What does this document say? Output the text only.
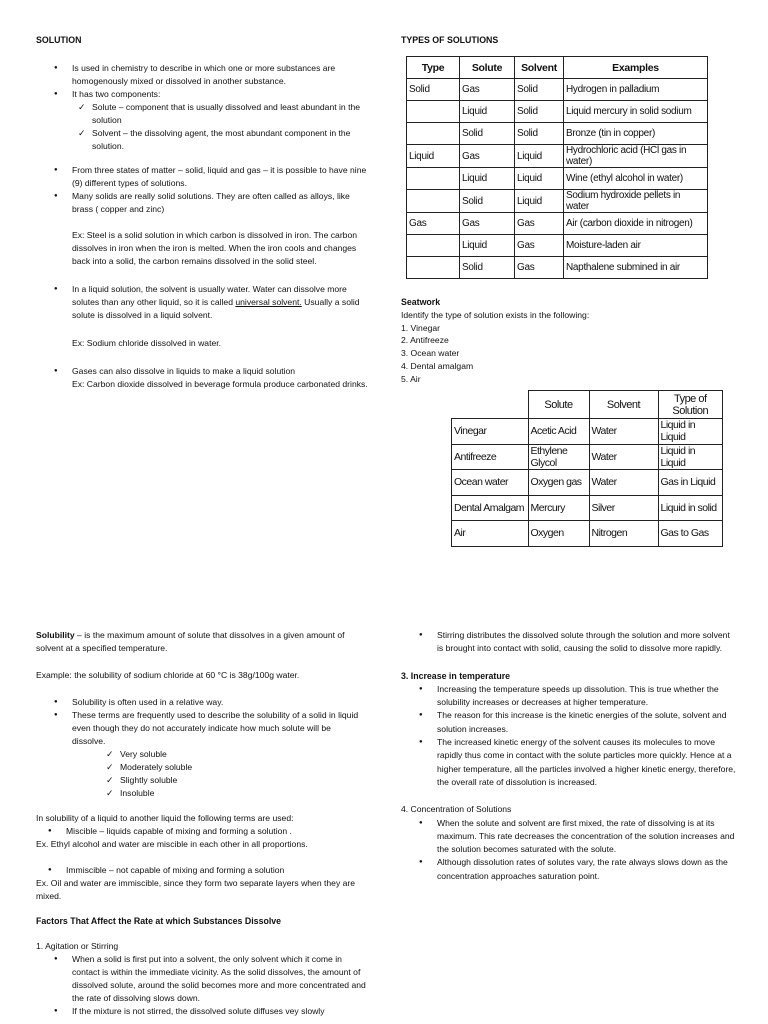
SOLUTION

● Is used in chemistry to describe in which one or more substances are homogenously mixed or dissolved in another substance.
● It has two components:
✓ Solute – component that is usually dissolved and least abundant in the solution
✓ Solvent – the dissolving agent, the most abundant component in the solution.
● From three states of matter – solid, liquid and gas – it is possible to have nine (9) different types of solutions.
● Many solids are really solid solutions. They are often called as alloys, like brass ( copper and zinc)

Ex: Steel is a solid solution in which carbon is dissolved in iron. The carbon dissolves in iron when the iron is melted. When the iron cools and changes back into a solid, the carbon remains dissolved in the solid steel.

● In a liquid solution, the solvent is usually water. Water can dissolve more solutes than any other liquid, so it is called universal solvent. Usually a solid solute is dissolved in a liquid solvent.

Ex: Sodium chloride dissolved in water.

● Gases can also dissolve in liquids to make a liquid solution
Ex: Carbon dioxide dissolved in beverage formula produce carbonated drinks.

TYPES OF SOLUTIONS

Type	Solute	Solvent	Examples
Solid	Gas	Solid	Hydrogen in palladium
	Liquid	Solid	Liquid mercury in solid sodium
	Solid	Solid	Bronze (tin in copper)
Liquid	Gas	Liquid	Hydrochloric acid (HCl gas in water)
	Liquid	Liquid	Wine (ethyl alcohol in water)
	Solid	Liquid	Sodium hydroxide pellets in water
Gas	Gas	Gas	Air (carbon dioxide in nitrogen)
	Liquid	Gas	Moisture-laden air
	Solid	Gas	Napthalene submined in air

Seatwork

Identify the type of solution exists in the following:

1. Vinegar

2. Antifreeze

3. Ocean water

4. Dental amalgam

5. Air

	Solute	Solvent	Type of Solution
Vinegar	Acetic Acid	Water	Liquid in Liquid
Antifreeze	Ethylene Glycol	Water	Liquid in Liquid
Ocean water	Oxygen gas	Water	Gas in Liquid
Dental Amalgam	Mercury	Silver	Liquid in solid
Air	Oxygen	Nitrogen	Gas to Gas

Solubility – is the maximum amount of solute that dissolves in a given amount of solvent at a specified temperature.

Example: the solubility of sodium chloride at 60 °C is 38g/100g water.

● Solubility is often used in a relative way.
● These terms are frequently used to describe the solubility of a solid in liquid even though they do not accurately indicate how much solute will be dissolve.
✓ Very soluble
✓ Moderately soluble
✓ Slightly soluble
✓ Insoluble

In solubility of a liquid to another liquid the following terms are used:

● Miscible – liquids capable of mixing and forming a solution .

Ex. Ethyl alcohol and water are miscible in each other in all proportions.

● Immiscible – not capable of mixing and forming a solution

Ex. Oil and water are immiscible, since they form two separate layers when they are mixed.

Factors That Affect the Rate at which Substances Dissolve

1. Agitation or Stirring

● When a solid is first put into a solvent, the only solvent which it come in contact is within the immediate vicinity. As the solid dissolves, the amount of dissolved solute, around the solid becomes more and more concentrated and the rate of dissolving slows down.
● If the mixture is not stirred, the dissolved solute diffuses vey slowly
● Stirring distributes the dissolved solute through the solution and more solvent is brought into contact with solid, causing the solid to dissolve more rapidly.

3. Increase in temperature

● Increasing the temperature speeds up dissolution. This is true whether the solubility increases or decreases at higher temperature.
● The reason for this increase is the kinetic energies of the solute, solvent and solution increases.
● The increased kinetic energy of the solvent causes its molecules to move rapidly thus come in contact with the solute particles more quickly. Hence at a higher temperature, all the particles involved a higher kinetic energy, therefore, the overall rate of dissolution is increased.

4. Concentration of Solutions

● When the solute and solvent are first mixed, the rate of dissolving is at its maximum. This rate decreases the concentration of the solution increases and the solution becomes saturated with the solute.
● Although dissolution rates of solutes vary, the rate always slows down as the concentration approaches saturation point.
